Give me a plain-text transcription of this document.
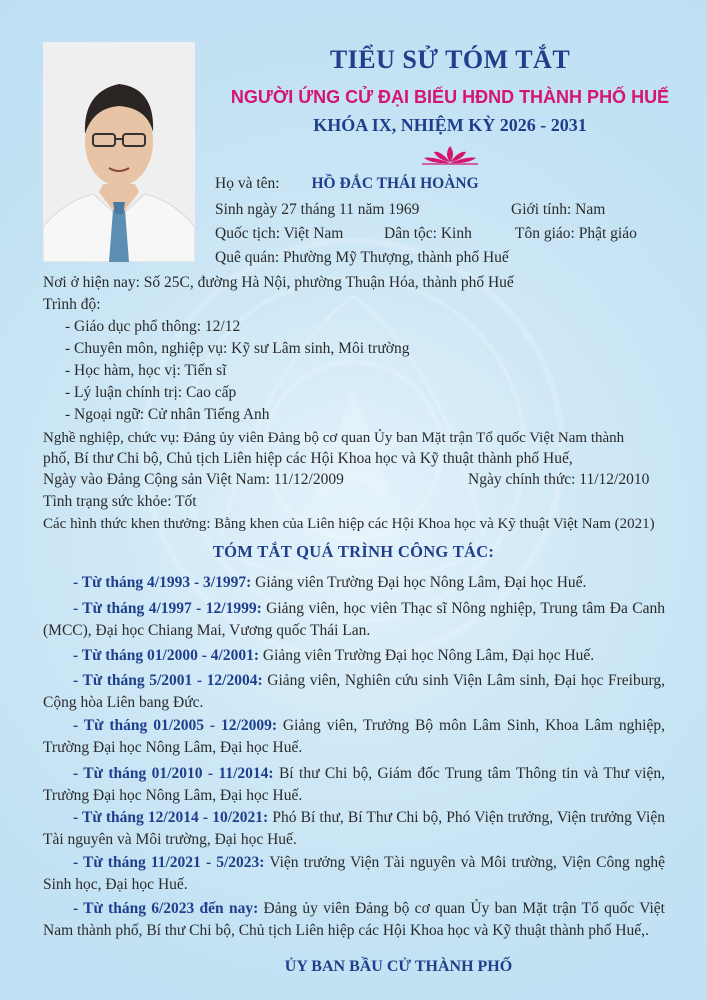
TIỂU SỬ TÓM TẮT
NGƯỜI ỨNG CỬ ĐẠI BIỂU HĐND THÀNH PHỐ HUẾ
KHÓA IX, NHIỆM KỲ 2026 - 2031
Họ và tên: HỒ ĐẮC THÁI HOÀNG
Sinh ngày 27 tháng 11 năm 1969	Giới tính: Nam
Quốc tịch: Việt Nam	Dân tộc: Kinh	Tôn giáo: Phật giáo
Quê quán: Phường Mỹ Thượng, thành phố Huế
Nơi ở hiện nay: Số 25C, đường Hà Nội, phường Thuận Hóa, thành phố Huế
Trình độ:
- Giáo dục phổ thông: 12/12
- Chuyên môn, nghiệp vụ: Kỹ sư Lâm sinh, Môi trường
- Học hàm, học vị: Tiến sĩ
- Lý luận chính trị: Cao cấp
- Ngoại ngữ: Cử nhân Tiếng Anh
Nghề nghiệp, chức vụ: Đảng ủy viên Đảng bộ cơ quan Ủy ban Mặt trận Tổ quốc Việt Nam thành
phố, Bí thư Chi bộ, Chủ tịch Liên hiệp các Hội Khoa học và Kỹ thuật thành phố Huế,
Ngày vào Đảng Cộng sản Việt Nam: 11/12/2009	Ngày chính thức: 11/12/2010
Tình trạng sức khỏe: Tốt
Các hình thức khen thưởng: Bằng khen của Liên hiệp các Hội Khoa học và Kỹ thuật Việt Nam (2021)
TÓM TẮT QUÁ TRÌNH CÔNG TÁC:

- Từ tháng 4/1993 - 3/1997: Giảng viên Trường Đại học Nông Lâm, Đại học Huế.

- Từ tháng 4/1997 - 12/1999: Giảng viên, học viên Thạc sĩ Nông nghiệp, Trung tâm Đa Canh (MCC), Đại học Chiang Mai, Vương quốc Thái Lan.

- Từ tháng 01/2000 - 4/2001: Giảng viên Trường Đại học Nông Lâm, Đại học Huế.

- Từ tháng 5/2001 - 12/2004: Giảng viên, Nghiên cứu sinh Viện Lâm sinh, Đại học Freiburg, Cộng hòa Liên bang Đức.

- Từ tháng 01/2005 - 12/2009: Giảng viên, Trưởng Bộ môn Lâm Sinh, Khoa Lâm nghiệp, Trường Đại học Nông Lâm, Đại học Huế.

- Từ tháng 01/2010 - 11/2014: Bí thư Chi bộ, Giám đốc Trung tâm Thông tin và Thư viện, Trường Đại học Nông Lâm, Đại học Huế.

- Từ tháng 12/2014 - 10/2021: Phó Bí thư, Bí Thư Chi bộ, Phó Viện trưởng, Viện trưởng Viện Tài nguyên và Môi trường, Đại học Huế.

- Từ tháng 11/2021 - 5/2023: Viện trưởng Viện Tài nguyên và Môi trường, Viện Công nghệ Sinh học, Đại học Huế.

- Từ tháng 6/2023 đến nay: Đảng ủy viên Đảng bộ cơ quan Ủy ban Mặt trận Tổ quốc Việt Nam thành phố, Bí thư Chi bộ, Chủ tịch Liên hiệp các Hội Khoa học và Kỹ thuật thành phố Huế,.

ỦY BAN BẦU CỬ THÀNH PHỐ
